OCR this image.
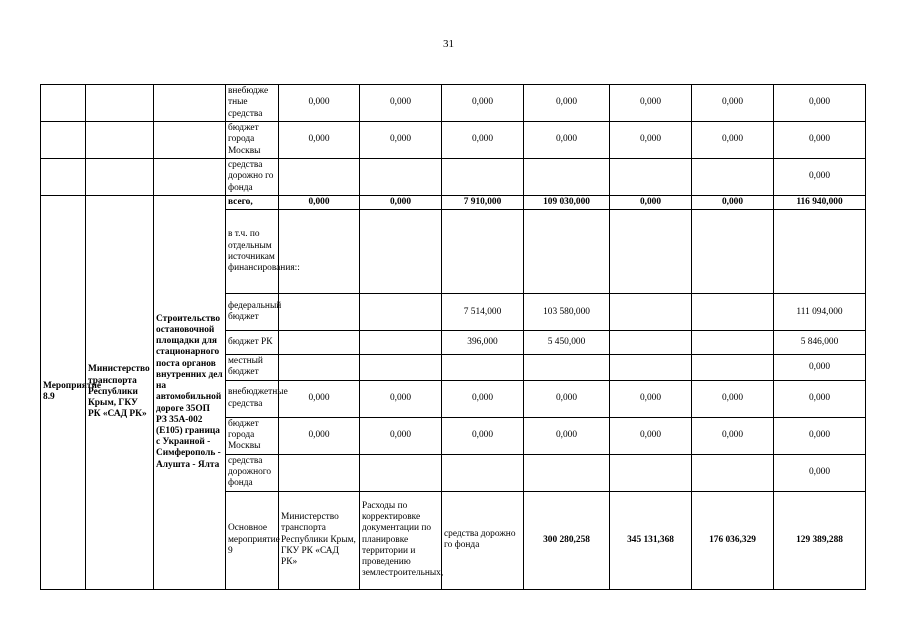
31
			внебюдже тные средства	0,000	0,000	0,000	0,000	0,000	0,000	0,000	
			бюджет города Москвы	0,000	0,000	0,000	0,000	0,000	0,000	0,000	
			средства дорожно го фонда							0,000	
Мероприятие 8.9	Министерство транспорта Республики Крым, ГКУ РК «САД РК»	Строительство остановочной площадки для стационарного поста органов внутренних дел на автомобильной дороге 35ОП РЗ 35А-002 (Е105) граница с Украиной - Симферополь - Алушта - Ялта	всего,	0,000	0,000	7 910,000	109 030,000	0,000	0,000	116 940,000	
			в т.ч. по отдельным источникам финансирования::								
			федеральный бюджет			7 514,000	103 580,000			111 094,000	
			бюджет РК			396,000	5 450,000			5 846,000	
			местный бюджет							0,000	
			внебюджетные средства	0,000	0,000	0,000	0,000	0,000	0,000	0,000	
			бюджет города Москвы	0,000	0,000	0,000	0,000	0,000	0,000	0,000	
			средства дорожного фонда							0,000	
			Основное мероприятие 9	Министерство транспорта Республики Крым, ГКУ РК «САД РК»	Расходы по корректировке документации по планировке территории и проведению землестроительных,	средства дорожно го фонда	300 280,258	345 131,368	176 036,329	129 389,288			
